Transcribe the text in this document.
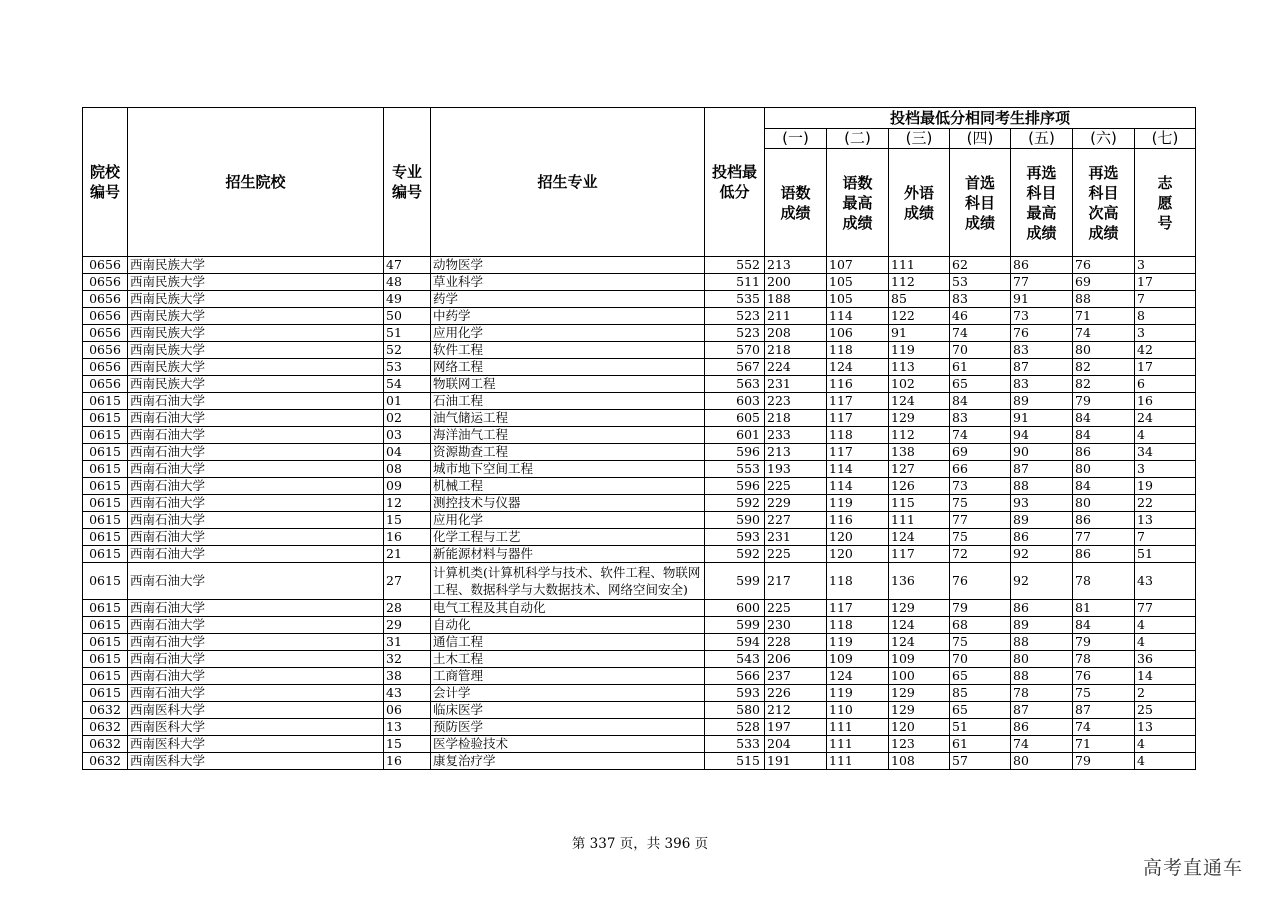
院校编号	招生院校	专业编号	招生专业	投档最低分	投档最低分相同考生排序项						
					(一)	(二)	(三)	(四)	(五)	(六)	(七)
					语数成绩	语数最高成绩	外语成绩	首选科目成绩	再选科目最高成绩	再选科目次高成绩	志愿号
0656	西南民族大学	47	动物医学	552	213	107	111	62	86	76	3
0656	西南民族大学	48	草业科学	511	200	105	112	53	77	69	17
0656	西南民族大学	49	药学	535	188	105	85	83	91	88	7
0656	西南民族大学	50	中药学	523	211	114	122	46	73	71	8
0656	西南民族大学	51	应用化学	523	208	106	91	74	76	74	3
0656	西南民族大学	52	软件工程	570	218	118	119	70	83	80	42
0656	西南民族大学	53	网络工程	567	224	124	113	61	87	82	17
0656	西南民族大学	54	物联网工程	563	231	116	102	65	83	82	6
0615	西南石油大学	01	石油工程	603	223	117	124	84	89	79	16
0615	西南石油大学	02	油气储运工程	605	218	117	129	83	91	84	24
0615	西南石油大学	03	海洋油气工程	601	233	118	112	74	94	84	4
0615	西南石油大学	04	资源勘查工程	596	213	117	138	69	90	86	34
0615	西南石油大学	08	城市地下空间工程	553	193	114	127	66	87	80	3
0615	西南石油大学	09	机械工程	596	225	114	126	73	88	84	19
0615	西南石油大学	12	测控技术与仪器	592	229	119	115	75	93	80	22
0615	西南石油大学	15	应用化学	590	227	116	111	77	89	86	13
0615	西南石油大学	16	化学工程与工艺	593	231	120	124	75	86	77	7
0615	西南石油大学	21	新能源材料与器件	592	225	120	117	72	92	86	51
0615	西南石油大学	27	计算机类(计算机科学与技术、软件工程、物联网工程、数据科学与大数据技术、网络空间安全)	599	217	118	136	76	92	78	43
0615	西南石油大学	28	电气工程及其自动化	600	225	117	129	79	86	81	77
0615	西南石油大学	29	自动化	599	230	118	124	68	89	84	4
0615	西南石油大学	31	通信工程	594	228	119	124	75	88	79	4
0615	西南石油大学	32	土木工程	543	206	109	109	70	80	78	36
0615	西南石油大学	38	工商管理	566	237	124	100	65	88	76	14
0615	西南石油大学	43	会计学	593	226	119	129	85	78	75	2
0632	西南医科大学	06	临床医学	580	212	110	129	65	87	87	25
0632	西南医科大学	13	预防医学	528	197	111	120	51	86	74	13
0632	西南医科大学	15	医学检验技术	533	204	111	123	61	74	71	4
0632	西南医科大学	16	康复治疗学	515	191	111	108	57	80	79	4
第 337 页，共 396 页
高考直通车
